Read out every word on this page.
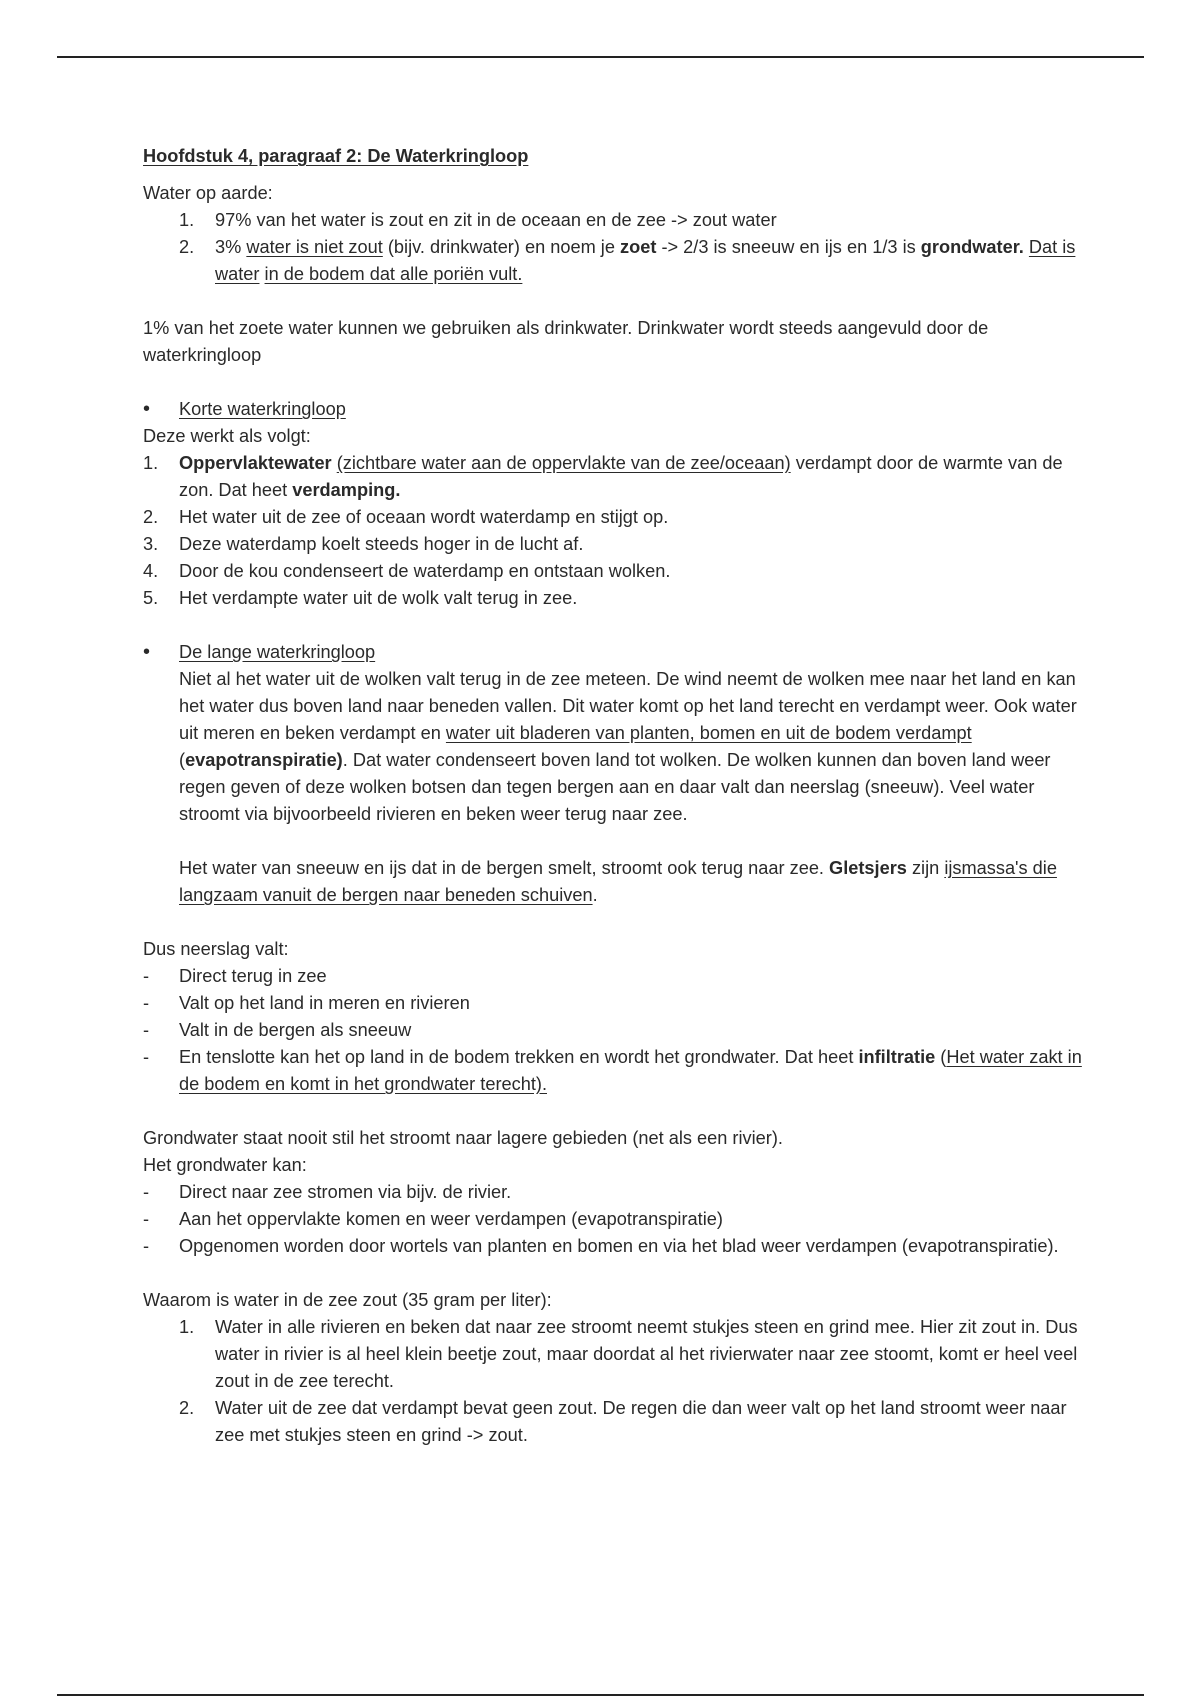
Hoofdstuk 4, paragraaf 2: De Waterkringloop

Water op aarde:

1.	97% van het water is zout en zit in de oceaan en de zee -> zout water
2.	3% water is niet zout (bijv. drinkwater) en noem je zoet -> 2/3 is sneeuw en ijs en 1/3 is grondwater. Dat is water in de bodem dat alle poriën vult.

1% van het zoete water kunnen we gebruiken als drinkwater. Drinkwater wordt steeds aangevuld door de waterkringloop

•	Korte waterkringloop

Deze werkt als volgt:

1.	Oppervlaktewater (zichtbare water aan de oppervlakte van de zee/oceaan) verdampt door de warmte van de zon. Dat heet verdamping.
2.	Het water uit de zee of oceaan wordt waterdamp en stijgt op.
3.	Deze waterdamp koelt steeds hoger in de lucht af.
4.	Door de kou condenseert de waterdamp en ontstaan wolken.
5.	Het verdampte water uit de wolk valt terug in zee.
•	De lange waterkringloop

Niet al het water uit de wolken valt terug in de zee meteen. De wind neemt de wolken mee naar het land en kan het water dus boven land naar beneden vallen. Dit water komt op het land terecht en verdampt weer. Ook water uit meren en beken verdampt en water uit bladeren van planten, bomen en uit de bodem verdampt (evapotranspiratie). Dat water condenseert boven land tot wolken. De wolken kunnen dan boven land weer regen geven of deze wolken botsen dan tegen bergen aan en daar valt dan neerslag (sneeuw). Veel water stroomt via bijvoorbeeld rivieren en beken weer terug naar zee.

Het water van sneeuw en ijs dat in de bergen smelt, stroomt ook terug naar zee. Gletsjers zijn ijsmassa's die langzaam vanuit de bergen naar beneden schuiven.

Dus neerslag valt:

-	Direct terug in zee
-	Valt op het land in meren en rivieren
-	Valt in de bergen als sneeuw
-	En tenslotte kan het op land in de bodem trekken en wordt het grondwater. Dat heet infiltratie (Het water zakt in de bodem en komt in het grondwater terecht).

Grondwater staat nooit stil het stroomt naar lagere gebieden (net als een rivier).

Het grondwater kan:

-	Direct naar zee stromen via bijv. de rivier.
-	Aan het oppervlakte komen en weer verdampen (evapotranspiratie)
-	Opgenomen worden door wortels van planten en bomen en via het blad weer verdampen (evapotranspiratie).

Waarom is water in de zee zout (35 gram per liter):

1.	Water in alle rivieren en beken dat naar zee stroomt neemt stukjes steen en grind mee. Hier zit zout in. Dus water in rivier is al heel klein beetje zout, maar doordat al het rivierwater naar zee stoomt, komt er heel veel zout in de zee terecht.
2.	Water uit de zee dat verdampt bevat geen zout. De regen die dan weer valt op het land stroomt weer naar zee met stukjes steen en grind -> zout.
